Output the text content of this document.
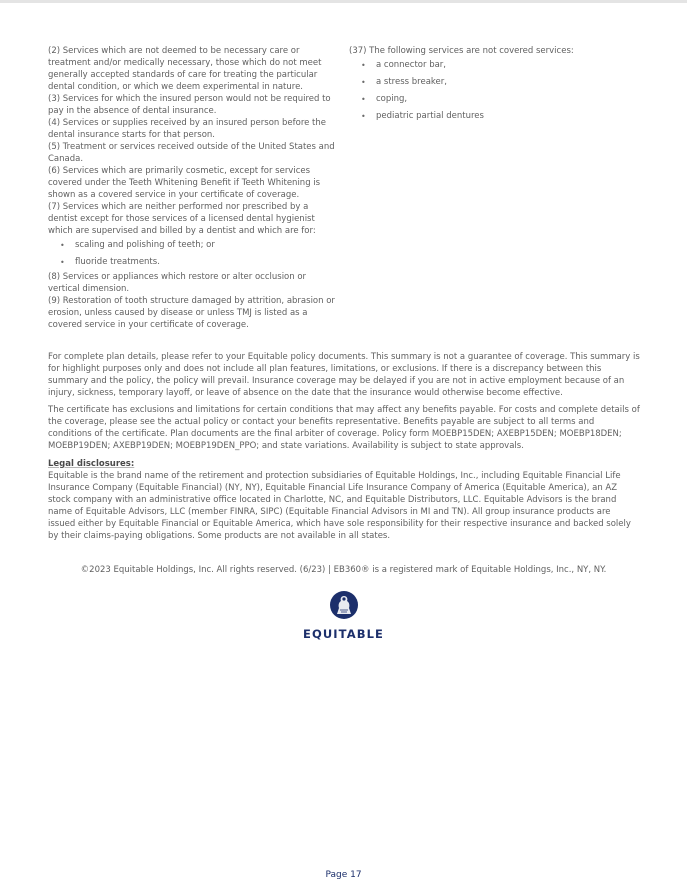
(2) Services which are not deemed to be necessary care or treatment and/or medically necessary, those which do not meet generally accepted standards of care for treating the particular dental condition, or which we deem experimental in nature.

(3) Services for which the insured person would not be required to pay in the absence of dental insurance.

(4) Services or supplies received by an insured person before the dental insurance starts for that person.

(5) Treatment or services received outside of the United States and Canada.

(6) Services which are primarily cosmetic, except for services covered under the Teeth Whitening Benefit if Teeth Whitening is shown as a covered service in your certificate of coverage.

(7) Services which are neither performed nor prescribed by a dentist except for those services of a licensed dental hygienist which are supervised and billed by a dentist and which are for:

• scaling and polishing of teeth; or
• fluoride treatments.

(8) Services or appliances which restore or alter occlusion or vertical dimension.

(9) Restoration of tooth structure damaged by attrition, abrasion or erosion, unless caused by disease or unless TMJ is listed as a covered service in your certificate of coverage.

(37) The following services are not covered services:

• a connector bar,
• a stress breaker,
• coping,
• pediatric partial dentures

For complete plan details, please refer to your Equitable policy documents. This summary is not a guarantee of coverage. This summary is for highlight purposes only and does not include all plan features, limitations, or exclusions. If there is a discrepancy between this summary and the policy, the policy will prevail. Insurance coverage may be delayed if you are not in active employment because of an injury, sickness, temporary layoff, or leave of absence on the date that the insurance would otherwise become effective.

The certificate has exclusions and limitations for certain conditions that may affect any benefits payable. For costs and complete details of the coverage, please see the actual policy or contact your benefits representative. Benefits payable are subject to all terms and conditions of the certificate. Plan documents are the final arbiter of coverage. Policy form MOEBP15DEN; AXEBP15DEN; MOEBP18DEN; MOEBP19DEN; AXEBP19DEN; MOEBP19DEN_PPO; and state variations. Availability is subject to state approvals.

Legal disclosures:

Equitable is the brand name of the retirement and protection subsidiaries of Equitable Holdings, Inc., including Equitable Financial Life Insurance Company (Equitable Financial) (NY, NY), Equitable Financial Life Insurance Company of America (Equitable America), an AZ stock company with an administrative office located in Charlotte, NC, and Equitable Distributors, LLC. Equitable Advisors is the brand name of Equitable Advisors, LLC (member FINRA, SIPC) (Equitable Financial Advisors in MI and TN). All group insurance products are issued either by Equitable Financial or Equitable America, which have sole responsibility for their respective insurance and backed solely by their claims-paying obligations. Some products are not available in all states.

©2023 Equitable Holdings, Inc. All rights reserved. (6/23) | EB360® is a registered mark of Equitable Holdings, Inc., NY, NY.
EQUITABLE
Page 17
